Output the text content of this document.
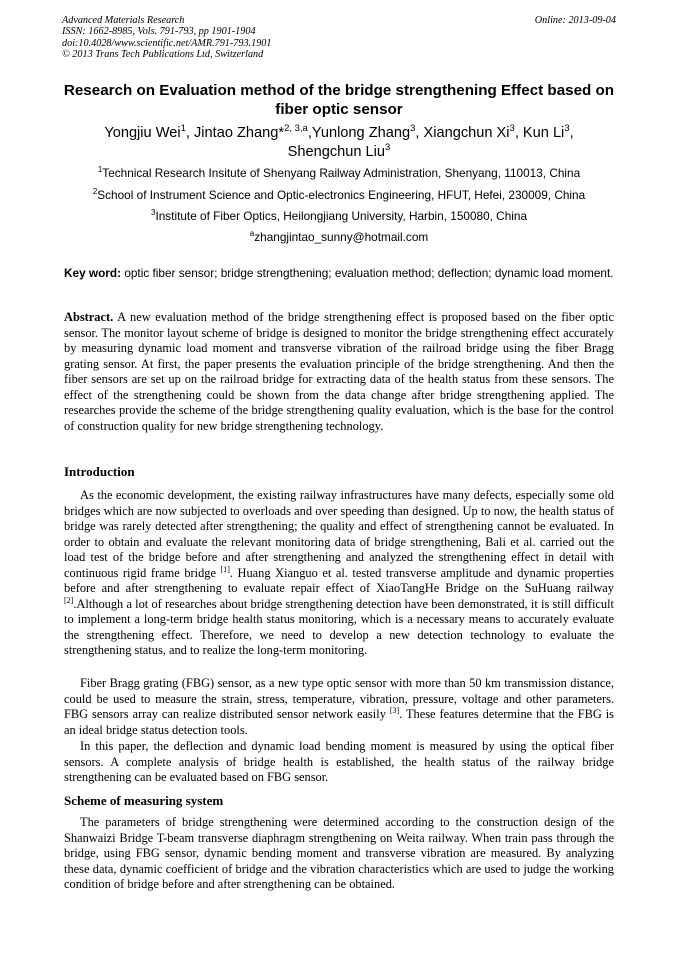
Advanced Materials Research
ISSN: 1662-8985, Vols. 791-793, pp 1901-1904
doi:10.4028/www.scientific.net/AMR.791-793.1901
© 2013 Trans Tech Publications Ltd, Switzerland
Online: 2013-09-04
Research on Evaluation method of the bridge strengthening Effect based on fiber optic sensor
Yongjiu Wei$^1$, Jintao Zhang*$^{2, 3,a}$,Yunlong Zhang$^3$, Xiangchun Xi$^3$, Kun Li$^3$,
Shengchun Liu$^3$
$^1$Technical Research Insitute of Shenyang Railway Administration, Shenyang, 110013, China
$^2$School of Instrument Science and Optic-electronics Engineering, HFUT, Hefei, 230009, China
$^3$Institute of Fiber Optics, Heilongjiang University, Harbin, 150080, China
$^a$zhangjintao_sunny@hotmail.com
Key word: optic fiber sensor; bridge strengthening; evaluation method; deflection; dynamic load moment.
Abstract. A new evaluation method of the bridge strengthening effect is proposed based on the fiber optic sensor. The monitor layout scheme of bridge is designed to monitor the bridge strengthening effect accurately by measuring dynamic load moment and transverse vibration of the railroad bridge using the fiber Bragg grating sensor. At first, the paper presents the evaluation principle of the bridge strengthening. And then the fiber sensors are set up on the railroad bridge for extracting data of the health status from these sensors. The effect of the strengthening could be shown from the data change after bridge strengthening applied. The researches provide the scheme of the bridge strengthening quality evaluation, which is the base for the control of construction quality for new bridge strengthening technology.
Introduction
As the economic development, the existing railway infrastructures have many defects, especially some old bridges which are now subjected to overloads and over speeding than designed. Up to now, the health status of bridge was rarely detected after strengthening; the quality and effect of strengthening cannot be evaluated. In order to obtain and evaluate the relevant monitoring data of bridge strengthening, Bali et al. carried out the load test of the bridge before and after strengthening and analyzed the strengthening effect in detail with continuous rigid frame bridge [1]. Huang Xianguo et al. tested transverse amplitude and dynamic properties before and after strengthening to evaluate repair effect of XiaoTangHe Bridge on the SuHuang railway [2].Although a lot of researches about bridge strengthening detection have been demonstrated, it is still difficult to implement a long-term bridge health status monitoring, which is a necessary means to accurately evaluate the strengthening effect. Therefore, we need to develop a new detection technology to evaluate the strengthening status, and to realize the long-term monitoring.
Fiber Bragg grating (FBG) sensor, as a new type optic sensor with more than 50 km transmission distance, could be used to measure the strain, stress, temperature, vibration, pressure, voltage and other parameters. FBG sensors array can realize distributed sensor network easily [3]. These features determine that the FBG is an ideal bridge status detection tools.
In this paper, the deflection and dynamic load bending moment is measured by using the optical fiber sensors. A complete analysis of bridge health is established, the health status of the railway bridge strengthening can be evaluated based on FBG sensor.
Scheme of measuring system
The parameters of bridge strengthening were determined according to the construction design of the Shanwaizi Bridge T-beam transverse diaphragm strengthening on Weita railway. When train pass through the bridge, using FBG sensor, dynamic bending moment and transverse vibration are measured. By analyzing these data, dynamic coefficient of bridge and the vibration characteristics which are used to judge the working condition of bridge before and after strengthening can be obtained.
